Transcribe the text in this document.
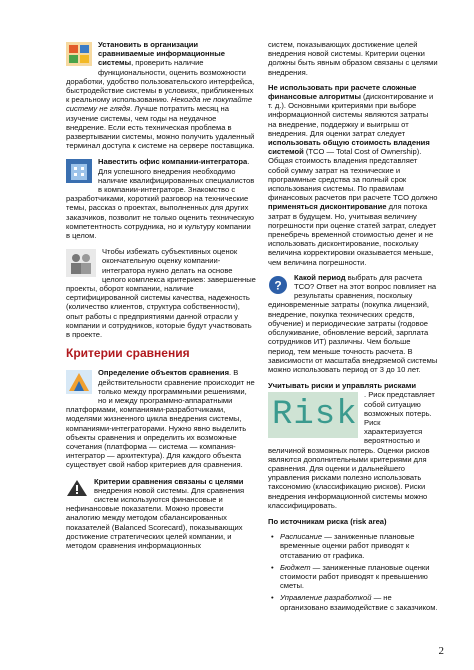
Установить в организации сравниваемые информационные системы, проверить наличие функциональности, оценить возможности доработки, удобство пользовательского интерфейса, быстродействие системы в условиях, приближенных к реальному использованию. Некогда не покупайте систему не глядя. Лучше потратить месяц на изучение системы, чем годы на неудачное внедрение. Если есть техническая проблема в развертывании системы, можно получить удаленный терминал доступа к системе на сервере поставщика.
Навестить офис компании-интегратора. Для успешного внедрения необходимо наличие квалифицированных специалистов в компании-интеграторе. Знакомство с разработчиками, короткий разговор на технические темы, рассказ о проектах, выполненных для других заказчиков, позволит не только оценить техническую компетентность сотрудника, но и культуру компании в целом.
Чтобы избежать субъективных оценок окончательную оценку компании-интегратора нужно делать на основе целого комплекса критериев: завершенные проекты, оборот компании, наличие сертифицированной системы качества, надежность (количество клиентов, структура собственности), опыт работы с предприятиями данной отрасли у компании и сотрудников, которые будут участвовать в проекте.
Критерии сравнения
Определение объектов сравнения. В действительности сравнение происходит не только между программными решениями, но и между программно-аппаратными платформами, компаниями-разработчиками, моделями жизненного цикла внедрения системы, компаниями-интеграторами. Нужно явно выделить объекты сравнения и определить их возможные сочетания (платформа — система — компания-интегратор — архитектура). Для каждого объекта существует свой набор критериев для сравнения.
Критерии сравнения связаны с целями внедрения новой системы. Для сравнения систем используются финансовые и нефинансовые показатели. Можно провести аналогию между методом сбалансированных показателей (Balanced Scorecard), показывающих достижение стратегических целей компании, и методом сравнения информационных

систем, показывающих достижение целей внедрения новой системы. Критерии оценки должны быть явным образом связаны с целями внедрения.

Не использовать при расчете сложные финансовые алгоритмы (дисконтирование и т. д.). Основными критериями при выборе информационной системы являются затраты на внедрение, поддержку и выигрыш от внедрения. Для оценки затрат следует использовать общую стоимость владения системой (TCO — Total Cost of Ownership). Общая стоимость владения представляет собой сумму затрат на технические и программные средства за полный срок использования системы. По правилам финансовых расчетов при расчете TCO должно применяться дисконтирование для потока затрат в будущем. Но, учитывая величину погрешности при оценке статей затрат, следует пренебречь временной стоимостью денег и не использовать дисконтирование, поскольку величина корректировки оказывается меньше, чем величина погрешности.

?
Какой период выбрать для расчета TCO? Ответ на этот вопрос повлияет на результаты сравнения, поскольку единовременные затраты (покупка лицензий, внедрение, покупка технических средств, обучение) и периодические затраты (годовое обслуживание, обновление версий, зарплата сотрудников ИТ) различны. Чем больше период, тем меньше точность расчета. В зависимости от масштаба внедряемой системы можно использовать период от 3 до 10 лет.
Учитывать риски и управлять рисками
Risk
. Риск представляет собой ситуацию возможных потерь. Риск характеризуется вероятностью и величиной возможных потерь. Оценки рисков являются дополнительными критериями для сравнения. Для оценки и дальнейшего управления рисками полезно использовать таксономию (классификацию рисков). Риски внедрения информационной системы можно классифицировать.

По источникам риска (risk area)

• Расписание — заниженные плановые временные оценки работ приводят к отставанию от графика.
• Бюджет — заниженные плановые оценки стоимости работ приводят к превышению сметы.
• Управление разработкой — не организовано взаимодействие с заказчиком.
2
